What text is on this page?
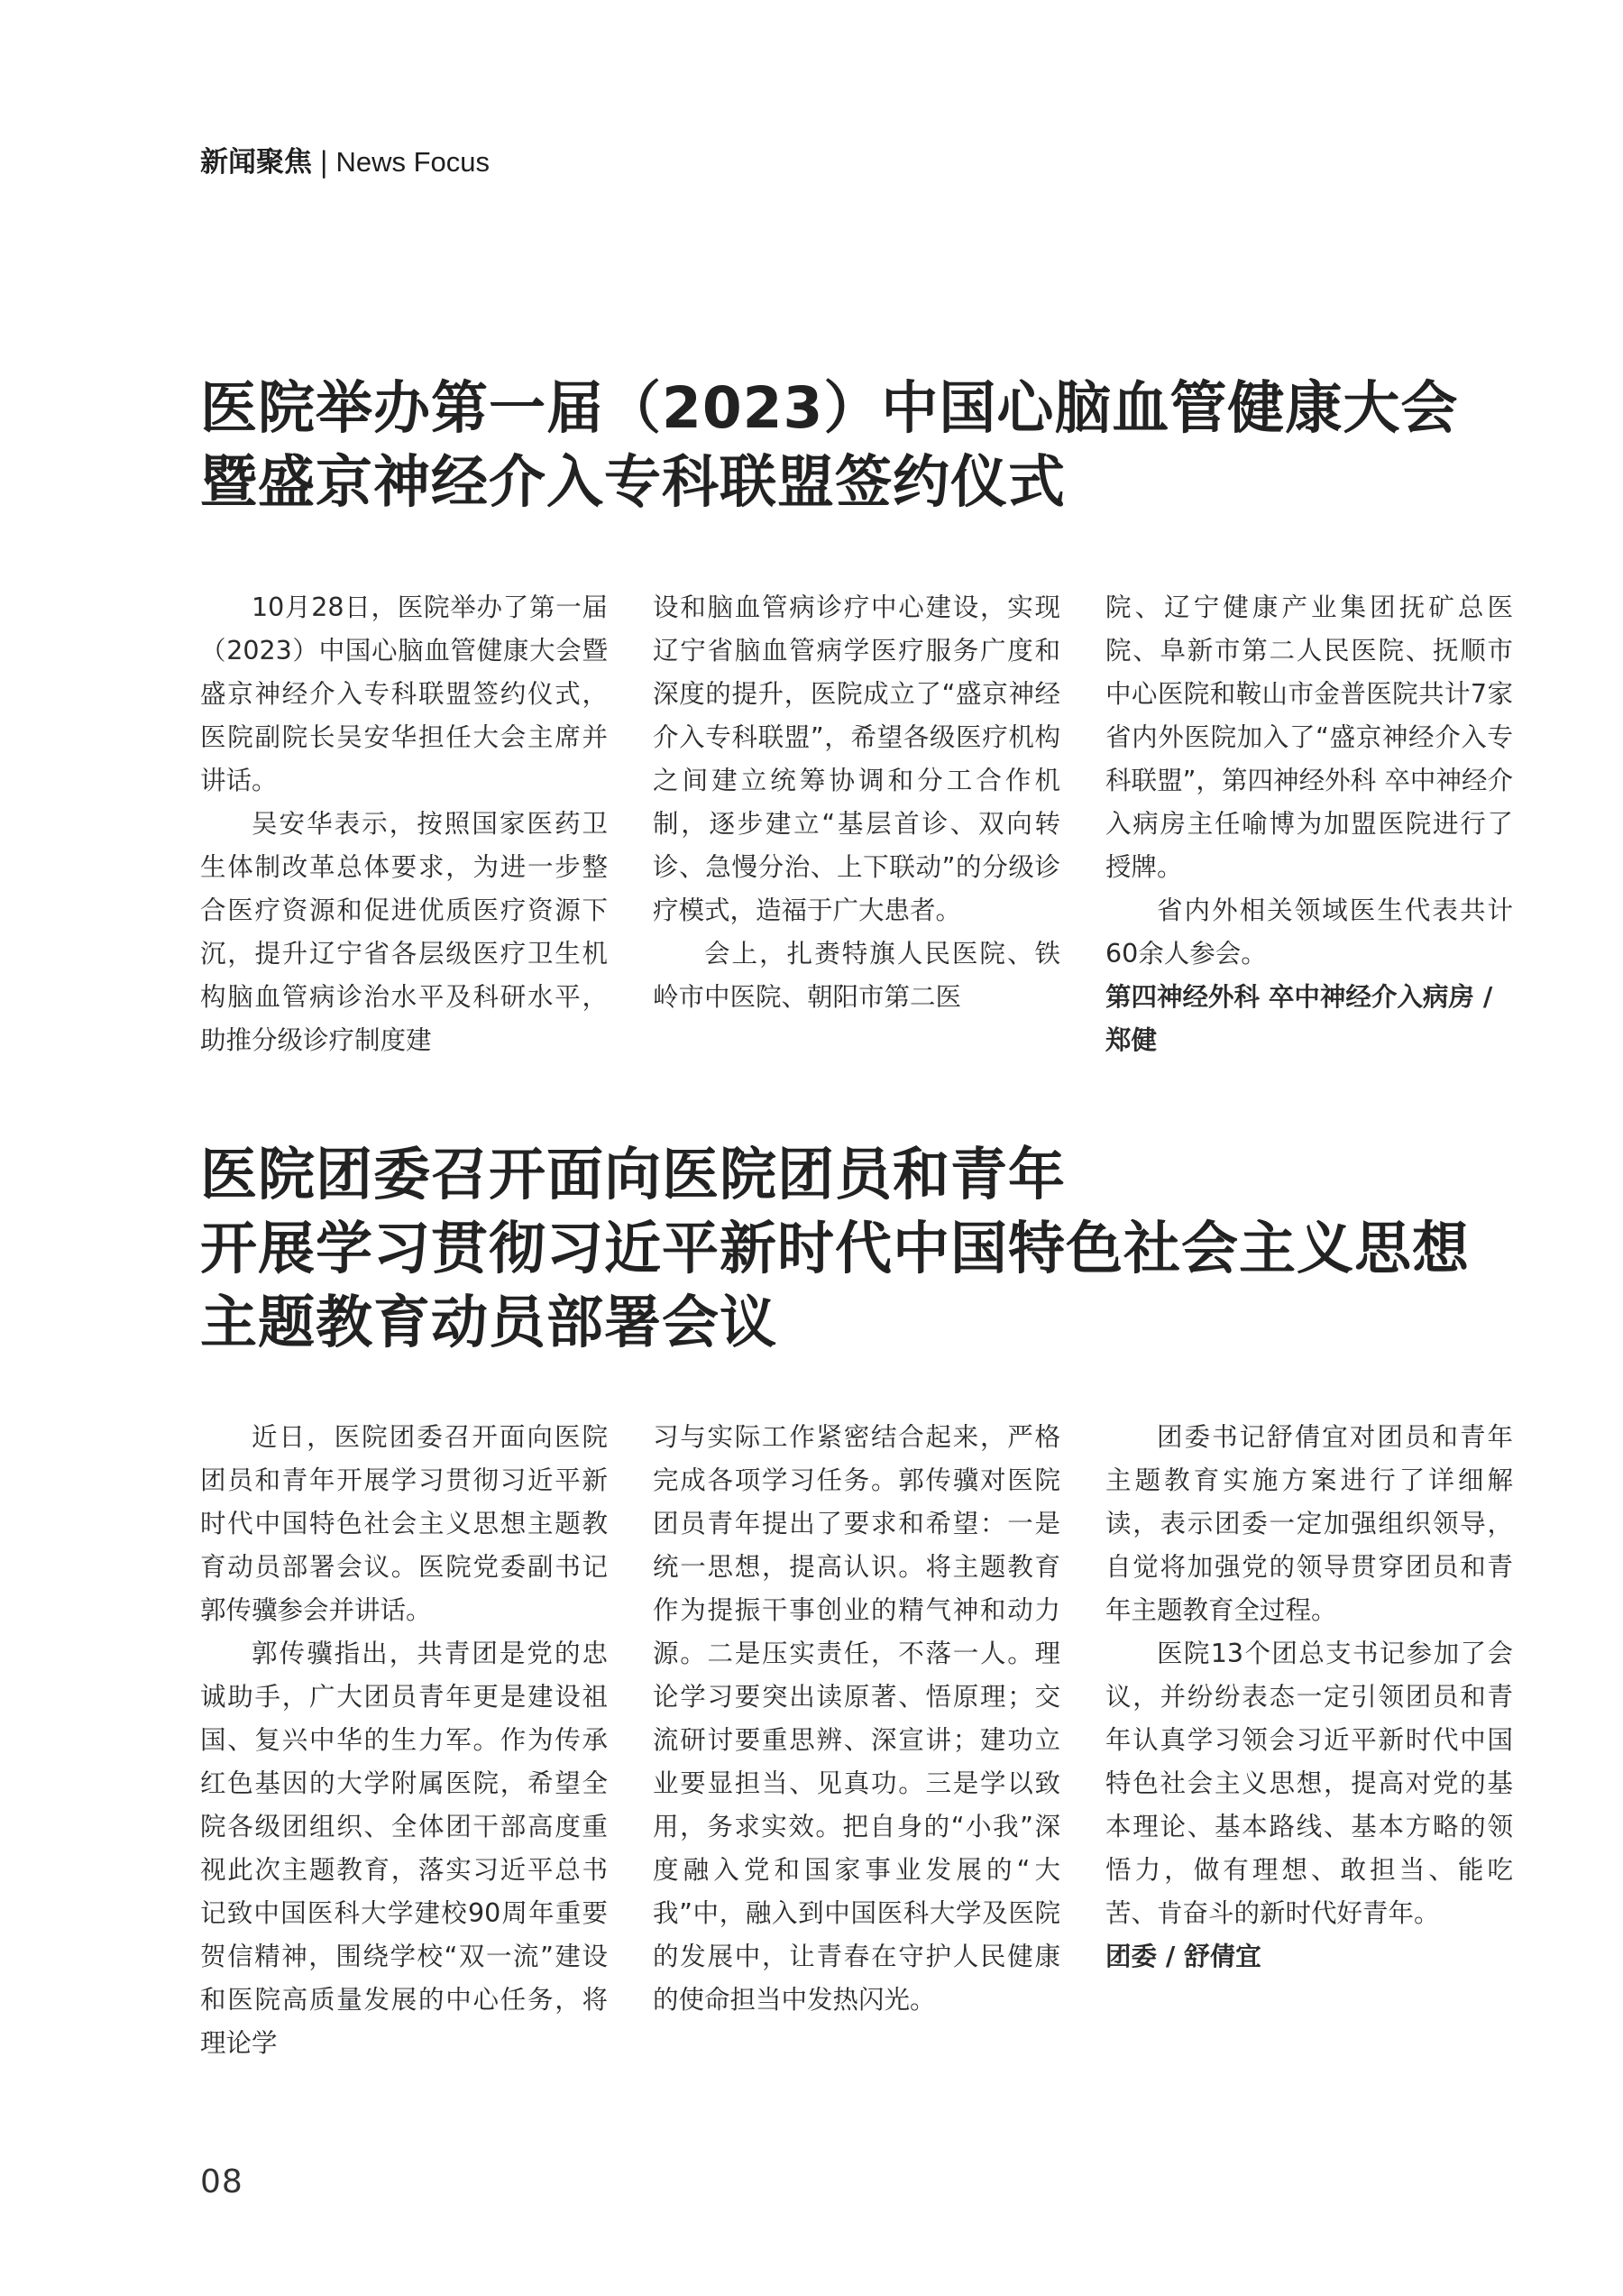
新闻聚焦 | News Focus
医院举办第一届（2023）中国心脑血管健康大会
暨盛京神经介入专科联盟签约仪式

10月28日，医院举办了第一届（2023）中国心脑血管健康大会暨盛京神经介入专科联盟签约仪式，医院副院长吴安华担任大会主席并讲话。

吴安华表示，按照国家医药卫生体制改革总体要求，为进一步整合医疗资源和促进优质医疗资源下沉，提升辽宁省各层级医疗卫生机构脑血管病诊治水平及科研水平，助推分级诊疗制度建

设和脑血管病诊疗中心建设，实现辽宁省脑血管病学医疗服务广度和深度的提升，医院成立了“盛京神经介入专科联盟”，希望各级医疗机构之间建立统筹协调和分工合作机制，逐步建立“基层首诊、双向转诊、急慢分治、上下联动”的分级诊疗模式，造福于广大患者。

会上，扎赉特旗人民医院、铁岭市中医院、朝阳市第二医

院、辽宁健康产业集团抚矿总医院、阜新市第二人民医院、抚顺市中心医院和鞍山市金普医院共计7家省内外医院加入了“盛京神经介入专科联盟”，第四神经外科 卒中神经介入病房主任喻博为加盟医院进行了授牌。

省内外相关领域医生代表共计60余人参会。

第四神经外科 卒中神经介入病房 /
郑健

医院团委召开面向医院团员和青年
开展学习贯彻习近平新时代中国特色社会主义思想
主题教育动员部署会议

近日，医院团委召开面向医院团员和青年开展学习贯彻习近平新时代中国特色社会主义思想主题教育动员部署会议。医院党委副书记郭传骥参会并讲话。

郭传骥指出，共青团是党的忠诚助手，广大团员青年更是建设祖国、复兴中华的生力军。作为传承红色基因的大学附属医院，希望全院各级团组织、全体团干部高度重视此次主题教育，落实习近平总书记致中国医科大学建校90周年重要贺信精神，围绕学校“双一流”建设和医院高质量发展的中心任务，将理论学

习与实际工作紧密结合起来，严格完成各项学习任务。郭传骥对医院团员青年提出了要求和希望：一是统一思想，提高认识。将主题教育作为提振干事创业的精气神和动力源。二是压实责任，不落一人。理论学习要突出读原著、悟原理；交流研讨要重思辨、深宣讲；建功立业要显担当、见真功。三是学以致用，务求实效。把自身的“小我”深度融入党和国家事业发展的“大我”中，融入到中国医科大学及医院的发展中，让青春在守护人民健康的使命担当中发热闪光。

团委书记舒倩宜对团员和青年主题教育实施方案进行了详细解读，表示团委一定加强组织领导，自觉将加强党的领导贯穿团员和青年主题教育全过程。

医院13个团总支书记参加了会议，并纷纷表态一定引领团员和青年认真学习领会习近平新时代中国特色社会主义思想，提高对党的基本理论、基本路线、基本方略的领悟力，做有理想、敢担当、能吃苦、肯奋斗的新时代好青年。

团委 / 舒倩宜

08
